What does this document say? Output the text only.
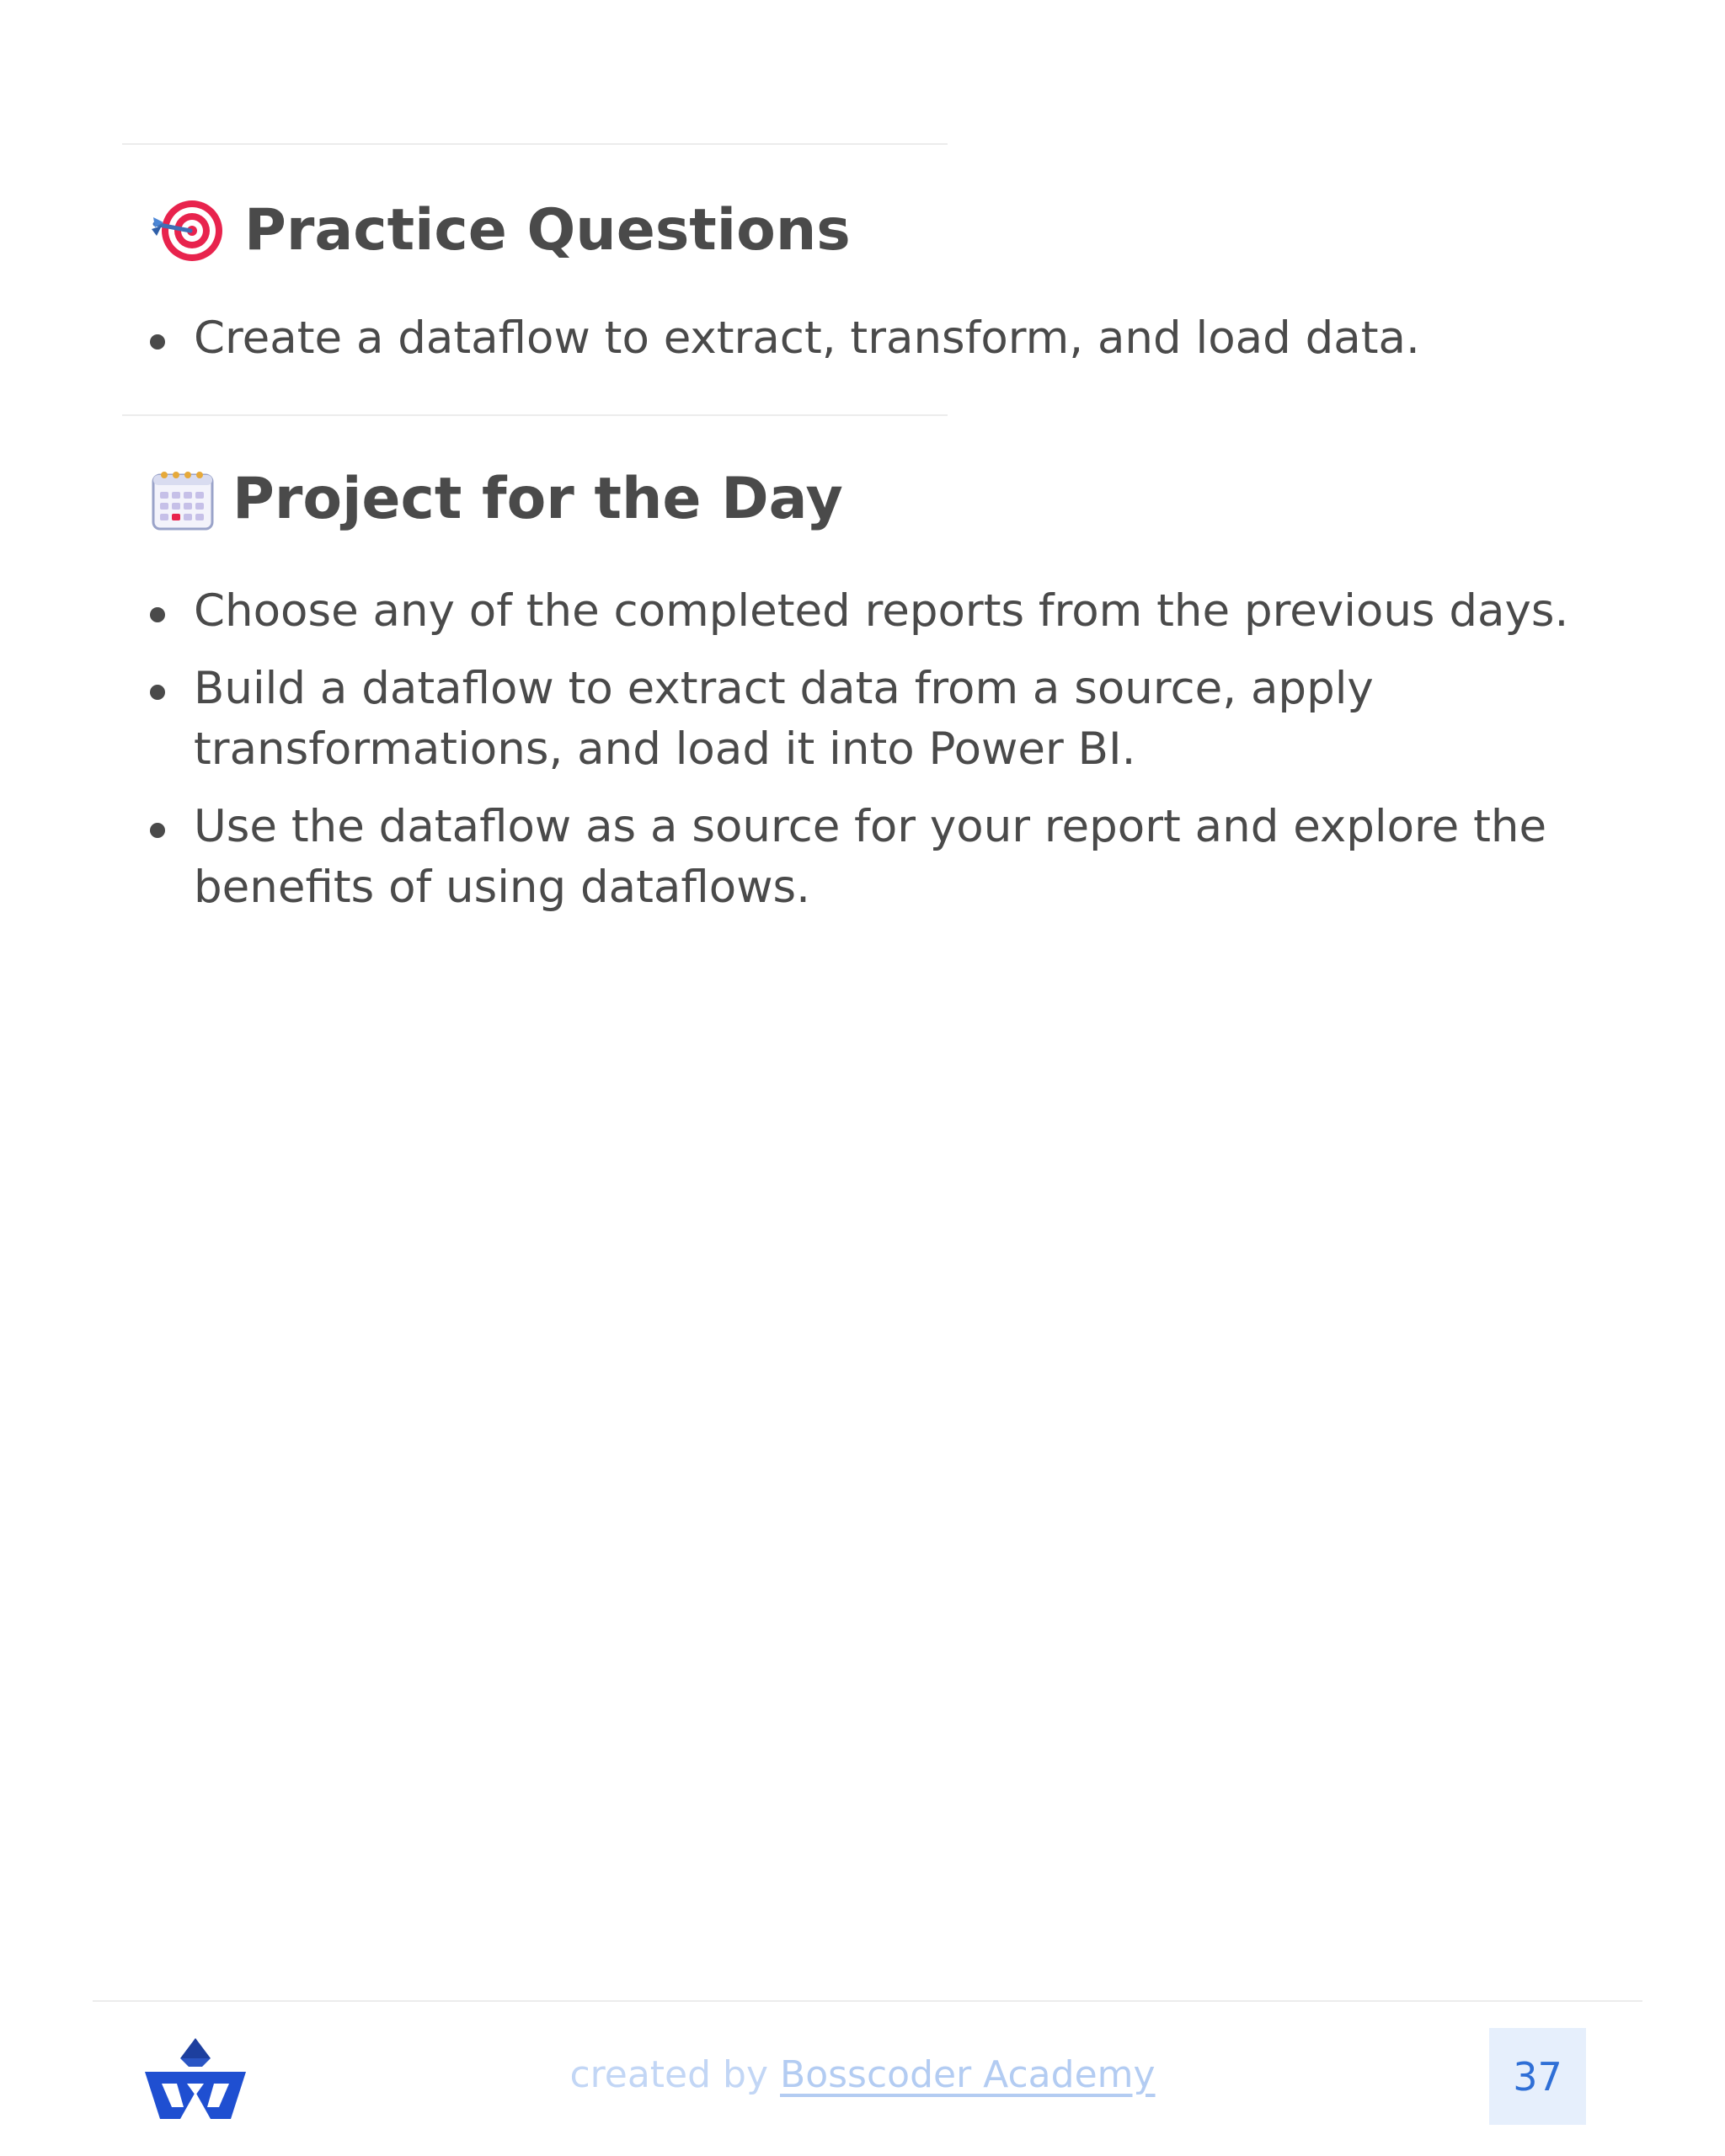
Practice Questions
Create a dataflow to extract, transform, and load data.
Project for the Day
Choose any of the completed reports from the previous days.
Build a dataflow to extract data from a source, apply transformations, and load it into Power BI.
Use the dataflow as a source for your report and explore the benefits of using dataflows.
created by Bosscoder Academy	37
